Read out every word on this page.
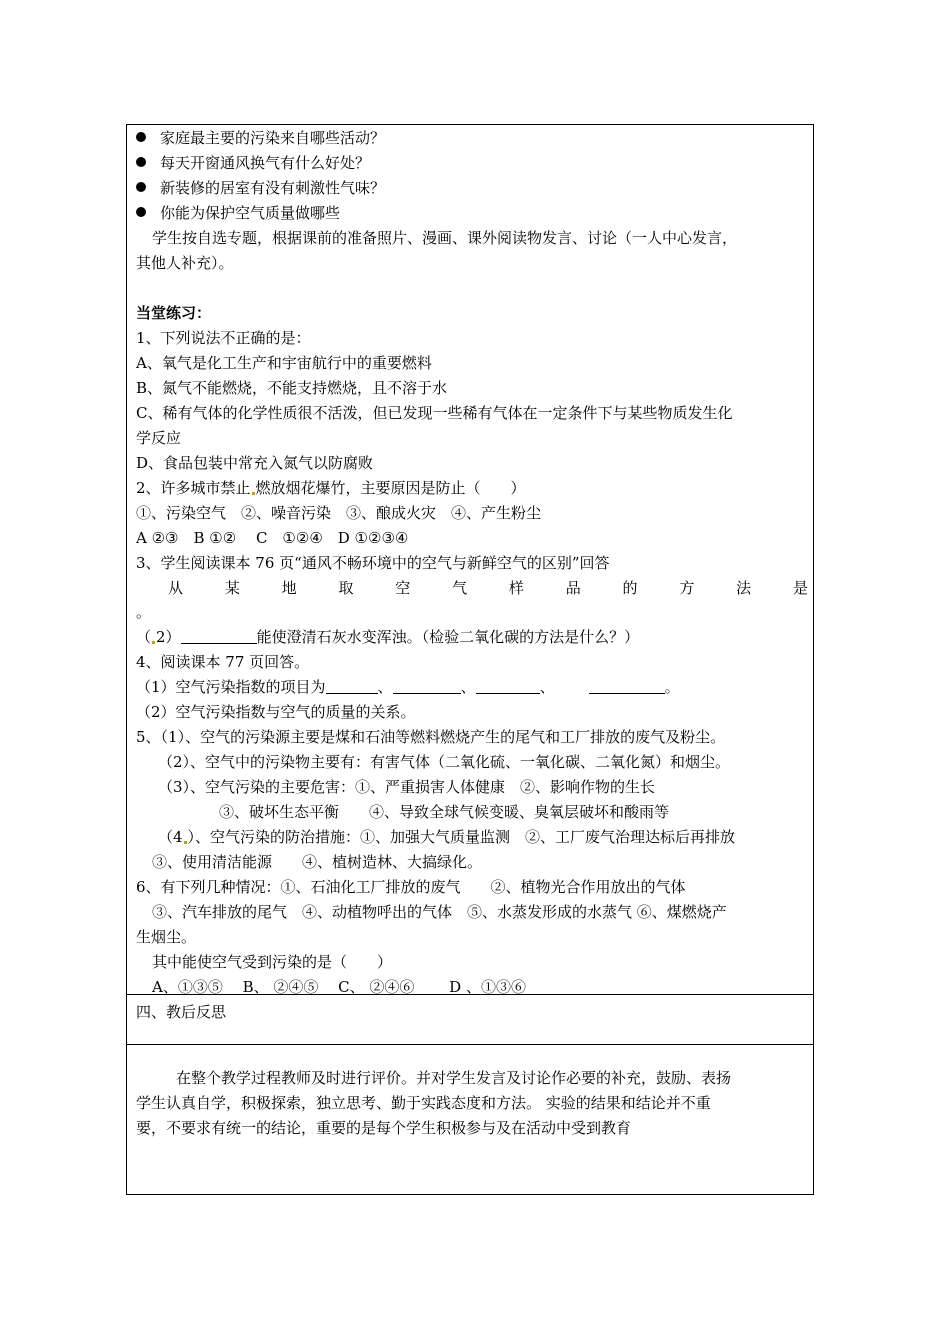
家庭最主要的污染来自哪些活动？
每天开窗通风换气有什么好处？
新装修的居室有没有刺激性气味？
你能为保护空气质量做哪些
学生按自选专题，根据课前的准备照片、漫画、课外阅读物发言、讨论（一人中心发言，
其他人补充）。
当堂练习：
1、下列说法不正确的是：
A、氧气是化工生产和宇宙航行中的重要燃料
B、氮气不能燃烧，不能支持燃烧，且不溶于水
C、稀有气体的化学性质很不活泼，但已发现一些稀有气体在一定条件下与某些物质发生化
学反应
D、食品包装中常充入氮气以防腐败
2、许多城市禁止 燃放烟花爆竹，主要原因是防止（　　）
①、污染空气　②、噪音污染　③、酿成火灾　④、产生粉尘
A ②③　B ①②　 C　①②④　D ①②③④
3、学生阅读课本 76 页“通风不畅环境中的空气与新鲜空气的区别”回答
从	某	地	取	空	气	样	品	的	方	法	是
。
（ 2）	能使澄清石灰水变浑浊。（检验二氧化碳的方法是什么？）
4、阅读课本 77 页回答。
（1）空气污染指数的项目为	、	、	、	。
（2）空气污染指数与空气的质量的关系。
5、（1）、空气的污染源主要是煤和石油等燃料燃烧产生的尾气和工厂排放的废气及粉尘。
（2）、空气中的污染物主要有：有害气体（二氧化硫、一氧化碳、二氧化氮）和烟尘。
（3）、空气污染的主要危害：①、严重损害人体健康　②、影响作物的生长
③、破坏生态平衡　　④、导致全球气候变暖、臭氧层破坏和酸雨等
（4 ）、空气污染的防治措施：①、加强大气质量监测　②、工厂废气治理达标后再排放
③、使用清洁能源　　④、植树造林、大搞绿化。
6、有下列几种情况：①、石油化工厂排放的废气　　②、植物光合作用放出的气体
③、汽车排放的尾气　④、动植物呼出的气体　⑤、水蒸发形成的水蒸气 ⑥、煤燃烧产
生烟尘。
其中能使空气受到污染的是（　　）
A、①③⑤　 B、 ②④⑤　 C、 ②④⑥　　 D 、①③⑥
四、教后反思
在整个教学过程教师及时进行评价。并对学生发言及讨论作必要的补充，鼓励、表扬
学生认真自学，积极探索，独立思考、勤于实践态度和方法。 实验的结果和结论并不重
要，不要求有统一的结论，重要的是每个学生积极参与及在活动中受到教育
